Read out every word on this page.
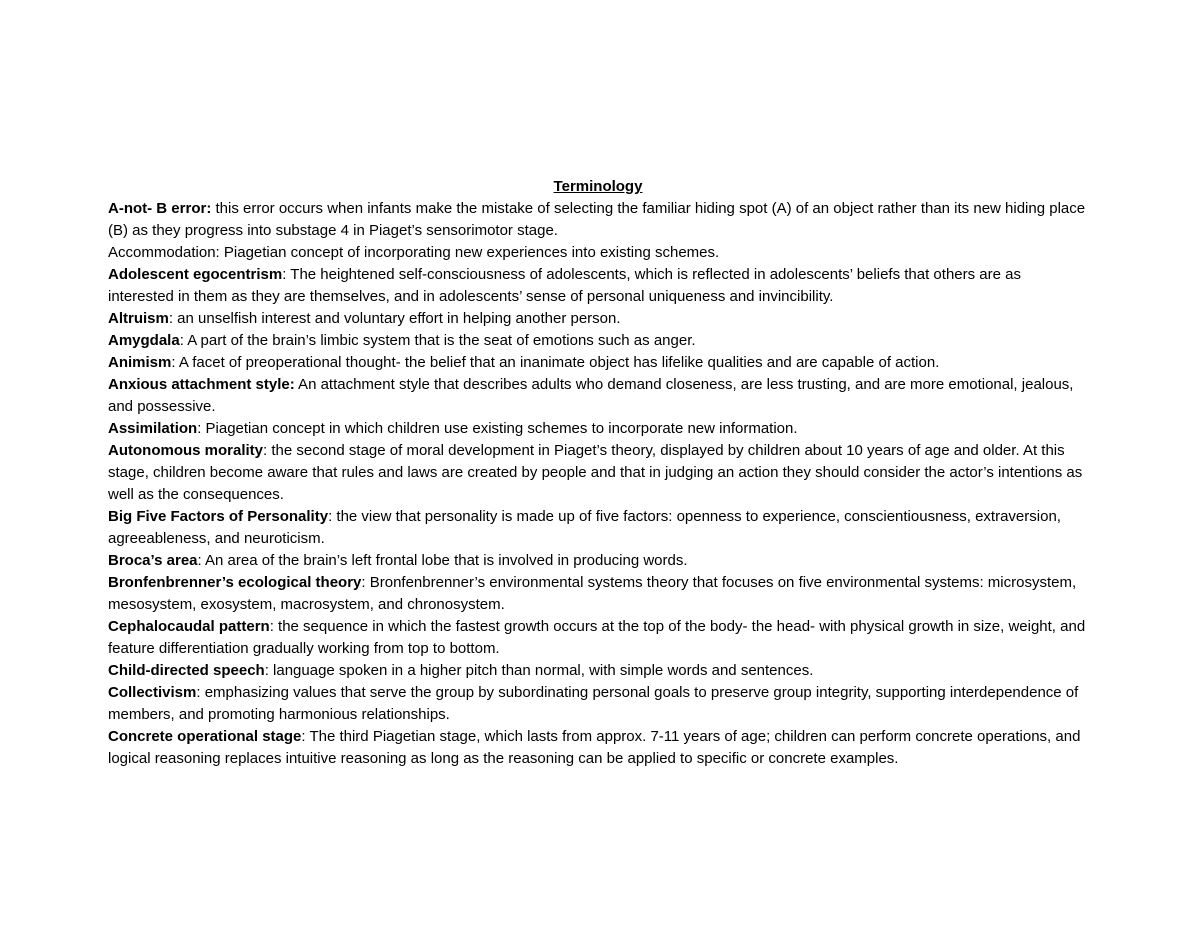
Terminology

A-not- B error: this error occurs when infants make the mistake of selecting the familiar hiding spot (A) of an object rather than its new hiding place (B) as they progress into substage 4 in Piaget’s sensorimotor stage.

Accommodation: Piagetian concept of incorporating new experiences into existing schemes.

Adolescent egocentrism: The heightened self-consciousness of adolescents, which is reflected in adolescents’ beliefs that others are as interested in them as they are themselves, and in adolescents’ sense of personal uniqueness and invincibility.

Altruism: an unselfish interest and voluntary effort in helping another person.

Amygdala: A part of the brain’s limbic system that is the seat of emotions such as anger.

Animism: A facet of preoperational thought- the belief that an inanimate object has lifelike qualities and are capable of action.

Anxious attachment style: An attachment style that describes adults who demand closeness, are less trusting, and are more emotional, jealous, and possessive.

Assimilation: Piagetian concept in which children use existing schemes to incorporate new information.

Autonomous morality: the second stage of moral development in Piaget’s theory, displayed by children about 10 years of age and older. At this stage, children become aware that rules and laws are created by people and that in judging an action they should consider the actor’s intentions as well as the consequences.

Big Five Factors of Personality: the view that personality is made up of five factors: openness to experience, conscientiousness, extraversion, agreeableness, and neuroticism.

Broca’s area: An area of the brain’s left frontal lobe that is involved in producing words.

Bronfenbrenner’s ecological theory: Bronfenbrenner’s environmental systems theory that focuses on five environmental systems: microsystem, mesosystem, exosystem, macrosystem, and chronosystem.

Cephalocaudal pattern: the sequence in which the fastest growth occurs at the top of the body- the head- with physical growth in size, weight, and feature differentiation gradually working from top to bottom.

Child-directed speech: language spoken in a higher pitch than normal, with simple words and sentences.

Collectivism: emphasizing values that serve the group by subordinating personal goals to preserve group integrity, supporting interdependence of members, and promoting harmonious relationships.

Concrete operational stage: The third Piagetian stage, which lasts from approx. 7-11 years of age; children can perform concrete operations, and logical reasoning replaces intuitive reasoning as long as the reasoning can be applied to specific or concrete examples.
